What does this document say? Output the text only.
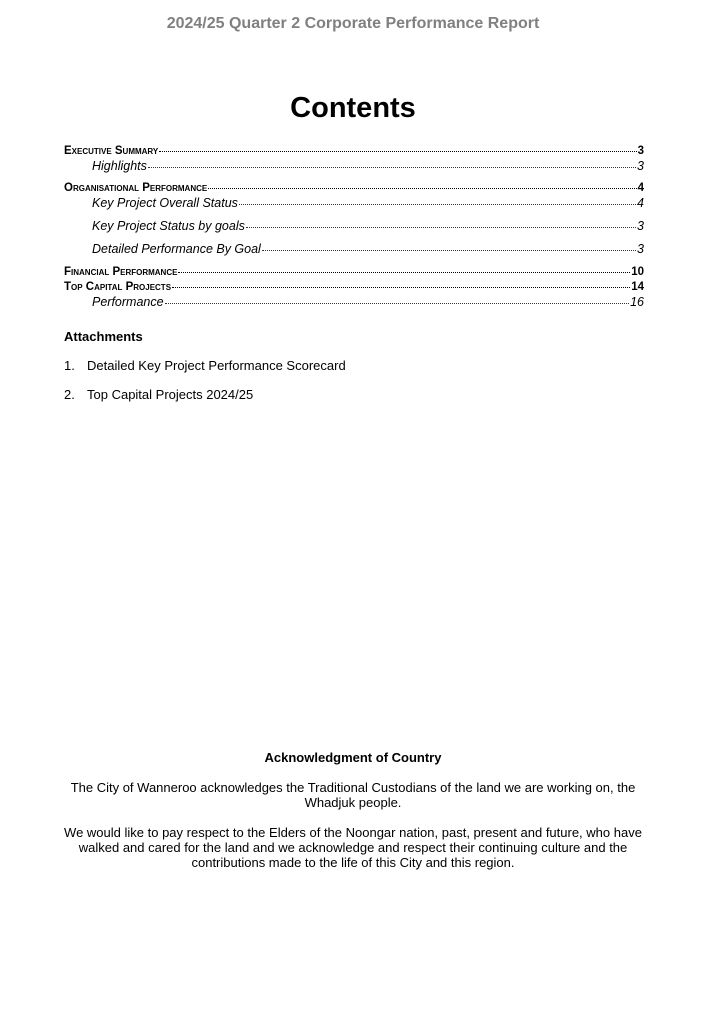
2024/25 Quarter 2 Corporate Performance Report
Contents
Executive Summary	3
Highlights	3
Organisational Performance	4
Key Project Overall Status	4
Key Project Status by goals	3
Detailed Performance By Goal	3
Financial Performance	10
Top Capital Projects	14
Performance	16
Attachments
1. Detailed Key Project Performance Scorecard
2. Top Capital Projects 2024/25
Acknowledgment of Country

The City of Wanneroo acknowledges the Traditional Custodians of the land we are working on, the Whadjuk people.

We would like to pay respect to the Elders of the Noongar nation, past, present and future, who have walked and cared for the land and we acknowledge and respect their continuing culture and the contributions made to the life of this City and this region.
